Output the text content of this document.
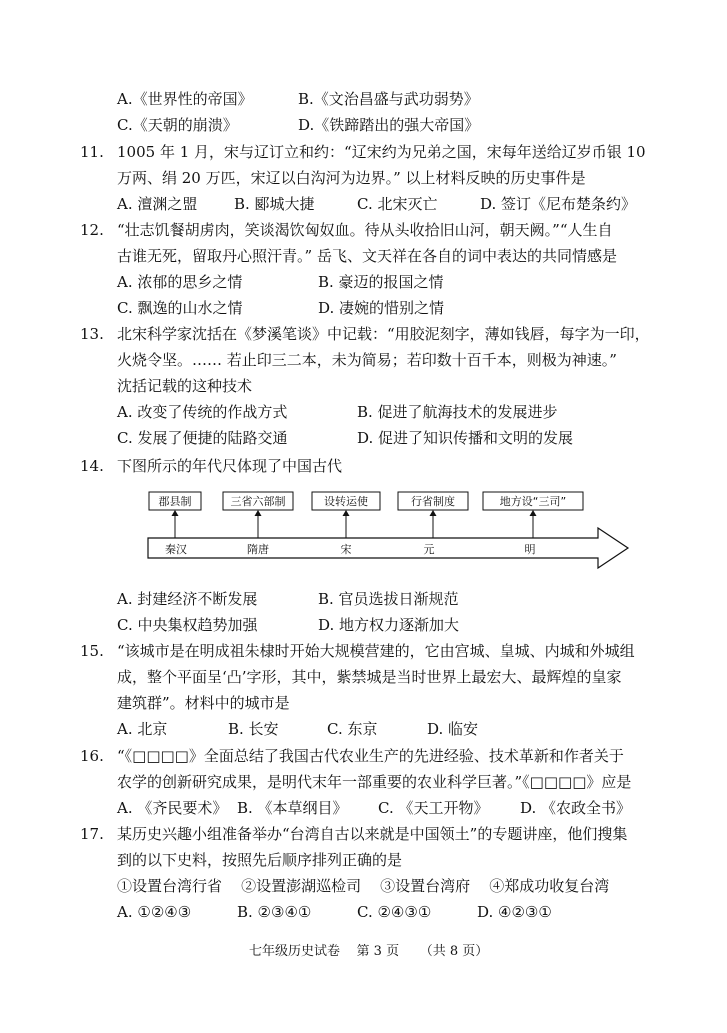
A.《世界性的帝国》	B.《文治昌盛与武功弱势》
C.《天朝的崩溃》	D.《铁蹄踏出的强大帝国》
11. 1005 年 1 月，宋与辽订立和约：“辽宋约为兄弟之国，宋每年送给辽岁币银 10
万两、绢 20 万匹，宋辽以白沟河为边界。” 以上材料反映的历史事件是
A. 澶渊之盟 B. 郾城大捷	C. 北宋灭亡	D. 签订《尼布楚条约》
12. “壮志饥餐胡虏肉，笑谈渴饮匈奴血。待从头收拾旧山河，朝天阙。”“人生自
古谁无死，留取丹心照汗青。” 岳飞、文天祥在各自的词中表达的共同情感是
A. 浓郁的思乡之情	B. 豪迈的报国之情
C. 飘逸的山水之情	D. 凄婉的惜别之情
13. 北宋科学家沈括在《梦溪笔谈》中记载：“用胶泥刻字，薄如钱唇，每字为一印，
火烧令坚。…… 若止印三二本，未为简易；若印数十百千本，则极为神速。”
沈括记载的这种技术
A. 改变了传统的作战方式	B. 促进了航海技术的发展进步
C. 发展了便捷的陆路交通	D. 促进了知识传播和文明的发展
14. 下图所示的年代尺体现了中国古代
郡县制	三省六部制	设转运使	行省制度	地方设“三司”
秦汉	隋唐	宋	元	明
A. 封建经济不断发展	B. 官员选拔日渐规范
C. 中央集权趋势加强	D. 地方权力逐渐加大
15. “该城市是在明成祖朱棣时开始大规模营建的，它由宫城、皇城、内城和外城组
成，整个平面呈‘凸’字形，其中，紫禁城是当时世界上最宏大、最辉煌的皇家
建筑群”。材料中的城市是
A. 北京	B. 长安	C. 东京	D. 临安
16. “《□□□□》全面总结了我国古代农业生产的先进经验、技术革新和作者关于
农学的创新研究成果，是明代末年一部重要的农业科学巨著。”《□□□□》应是
A. 《齐民要术》 B. 《本草纲目》 C. 《天工开物》 D. 《农政全书》
17. 某历史兴趣小组准备举办“台湾自古以来就是中国领土”的专题讲座，他们搜集
到的以下史料，按照先后顺序排列正确的是
①设置台湾行省    ②设置澎湖巡检司    ③设置台湾府    ④郑成功收复台湾
A. ①②④③	B. ②③④①	C. ②④③①	D. ④②③①
七年级历史试卷    第 3 页     （共 8 页）
